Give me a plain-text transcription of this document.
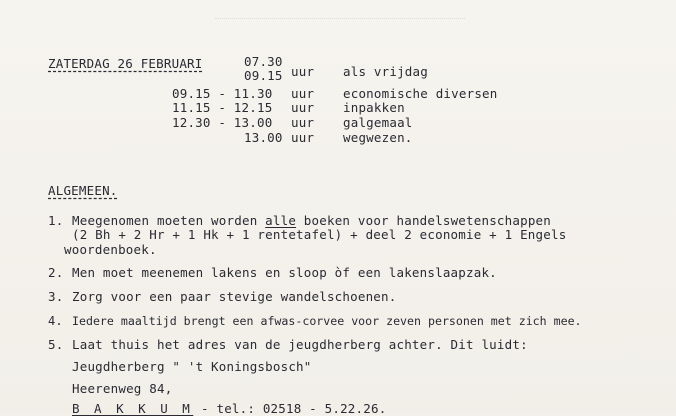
ZATERDAG 26 FEBRUARI	07.30
09.15 uur als vrijdag
09.15 - 11.30 uur economische diversen
11.15 - 12.15 uur inpakken
12.30 - 13.00 uur galgemaal
13.00 uur wegwezen.
ALGEMEEN.
1. Meegenomen moeten worden alle boeken voor handelswetenschappen
(2 Bh + 2 Hr + 1 Hk + 1 rentetafel) + deel 2 economie + 1 Engels
woordenboek.
2. Men moet meenemen lakens en sloop òf een lakenslaapzak.
3. Zorg voor een paar stevige wandelschoenen.
4. Iedere maaltijd brengt een afwas-corvee voor zeven personen met zich mee.
5. Laat thuis het adres van de jeugdherberg achter. Dit luidt:
Jeugdherberg " 't Koningsbosch"
Heerenweg 84,
B A K K U M - tel.: 02518 - 5.22.26.
